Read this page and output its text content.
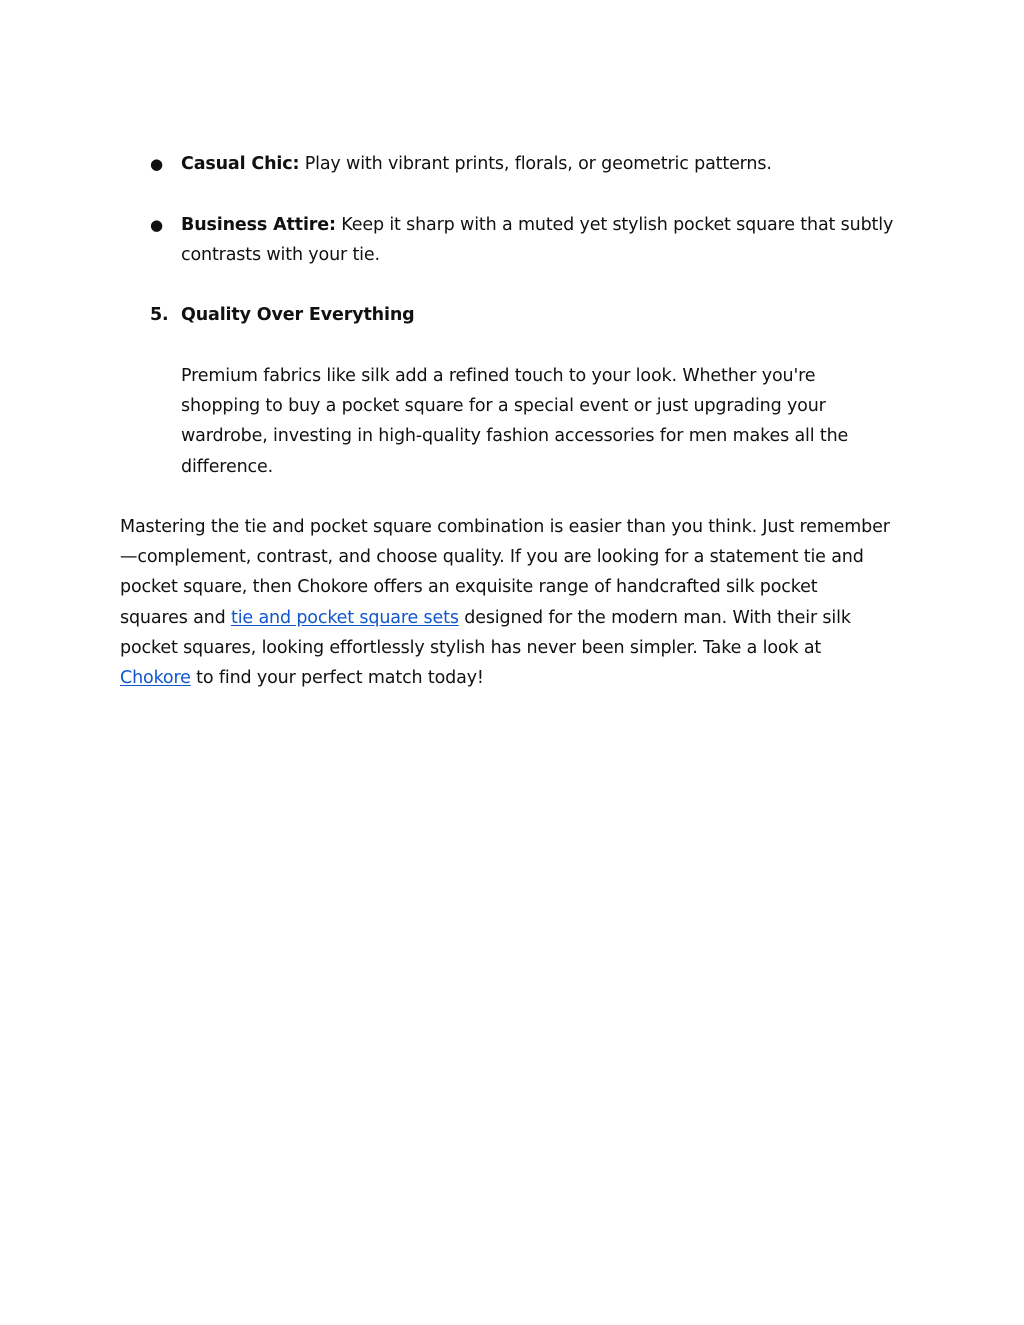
● Casual Chic: Play with vibrant prints, florals, or geometric patterns.
● Business Attire: Keep it sharp with a muted yet stylish pocket square that subtly contrasts with your tie.
5. Quality Over Everything
Premium fabrics like silk add a refined touch to your look. Whether you're shopping to buy a pocket square for a special event or just upgrading your wardrobe, investing in high-quality fashion accessories for men makes all the difference.
Mastering the tie and pocket square combination is easier than you think. Just remember—complement, contrast, and choose quality. If you are looking for a statement tie and pocket square, then Chokore offers an exquisite range of handcrafted silk pocket squares and tie and pocket square sets designed for the modern man. With their silk pocket squares, looking effortlessly stylish has never been simpler. Take a look at Chokore to find your perfect match today!
